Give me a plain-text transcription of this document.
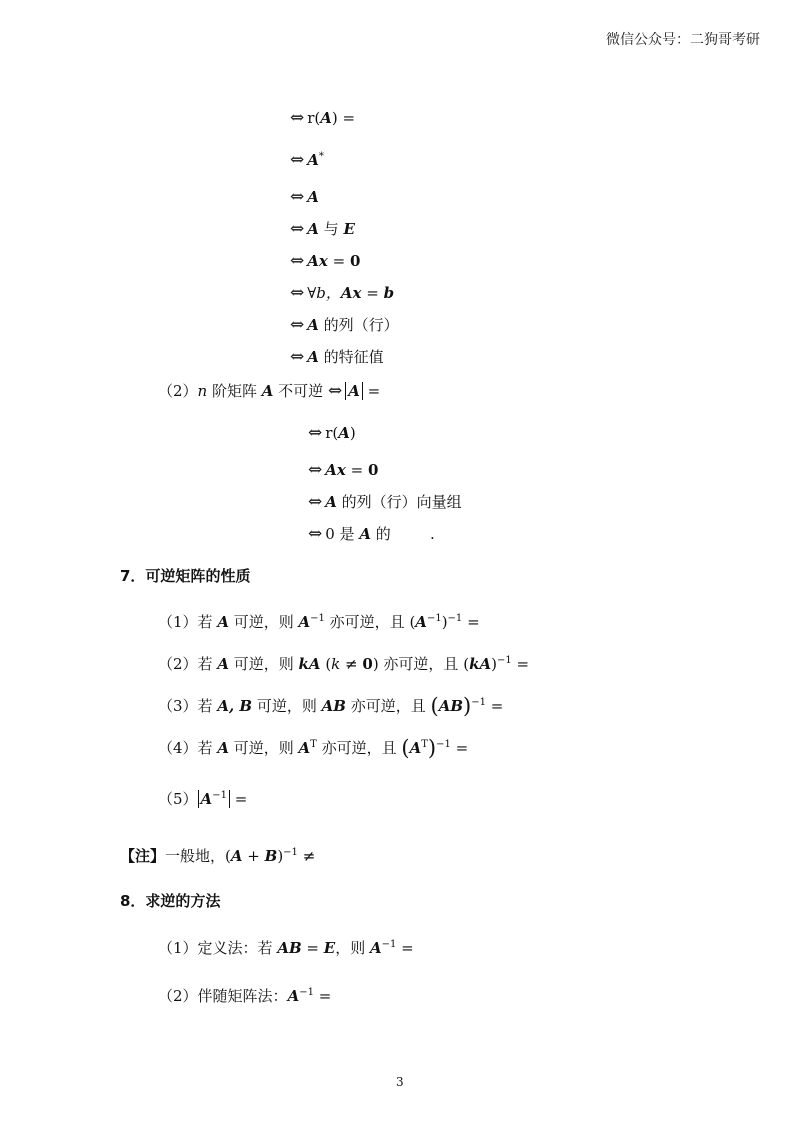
微信公众号：二狗哥考研
⇔ r(A) =
⇔ A*
⇔ A
⇔ A 与 E
⇔ Ax = 0
⇔ ∀b，Ax = b
⇔ A 的列（行）
⇔ A 的特征值
（2）n 阶矩阵 A 不可逆 ⇔ A =
⇔ r(A)
⇔ Ax = 0
⇔ A 的列（行）向量组
⇔ 0 是 A 的	.
7．可逆矩阵的性质
（1）若 A 可逆，则 $A^{-1}$ 亦可逆，且 $(A^{-1})^{-1}$ =
（2）若 A 可逆，则 kA (k ≠ 0) 亦可逆，且 (kA)$^{-1}$ =
（3）若 A, B 可逆，则 AB 亦可逆，且 (AB)$^{-1}$ =
（4）若 A 可逆，则 $A^T$ 亦可逆，且 $(A^T)^{-1}$ =
（5） $A^{-1}$ =
【注】一般地，$(A + B)^{-1}$ ≠
8．求逆的方法
（1）定义法：若 AB = E，则 $A^{-1}$ =
（2）伴随矩阵法：$A^{-1}$ =
3
